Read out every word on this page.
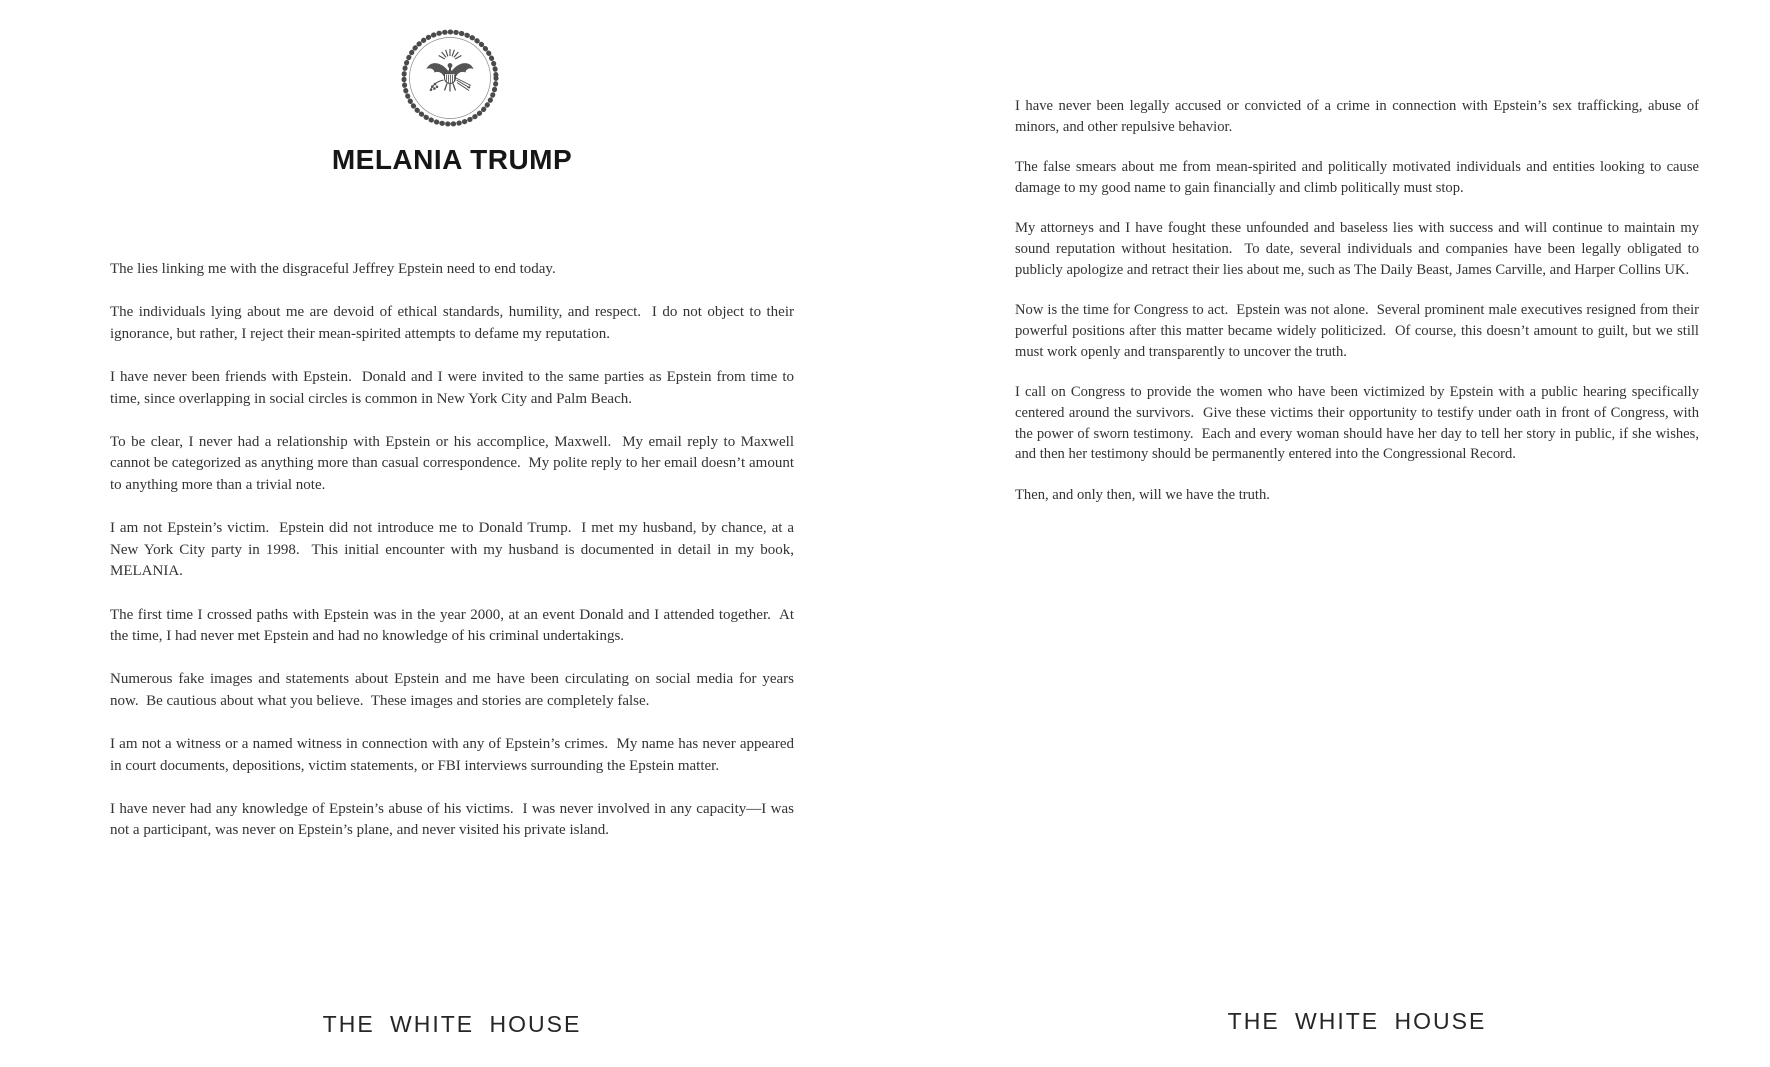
MELANIA TRUMP

The lies linking me with the disgraceful Jeffrey Epstein need to end today.

The individuals lying about me are devoid of ethical standards, humility, and respect.  I do not object to their ignorance, but rather, I reject their mean-spirited attempts to defame my reputation.

I have never been friends with Epstein.  Donald and I were invited to the same parties as Epstein from time to time, since overlapping in social circles is common in New York City and Palm Beach.

To be clear, I never had a relationship with Epstein or his accomplice, Maxwell.  My email reply to Maxwell cannot be categorized as anything more than casual correspondence.  My polite reply to her email doesn’t amount to anything more than a trivial note.

I am not Epstein’s victim.  Epstein did not introduce me to Donald Trump.  I met my husband, by chance, at a New York City party in 1998.  This initial encounter with my husband is documented in detail in my book, MELANIA.

The first time I crossed paths with Epstein was in the year 2000, at an event Donald and I attended together.  At the time, I had never met Epstein and had no knowledge of his criminal undertakings.

Numerous fake images and statements about Epstein and me have been circulating on social media for years now.  Be cautious about what you believe.  These images and stories are completely false.

I am not a witness or a named witness in connection with any of Epstein’s crimes.  My name has never appeared in court documents, depositions, victim statements, or FBI interviews surrounding the Epstein matter.

I have never had any knowledge of Epstein’s abuse of his victims.  I was never involved in any capacity—I was not a participant, was never on Epstein’s plane, and never visited his private island.

THE WHITE HOUSE

I have never been legally accused or convicted of a crime in connection with Epstein’s sex trafficking, abuse of minors, and other repulsive behavior.

The false smears about me from mean-spirited and politically motivated individuals and entities looking to cause damage to my good name to gain financially and climb politically must stop.

My attorneys and I have fought these unfounded and baseless lies with success and will continue to maintain my sound reputation without hesitation.  To date, several individuals and companies have been legally obligated to publicly apologize and retract their lies about me, such as The Daily Beast, James Carville, and Harper Collins UK.

Now is the time for Congress to act.  Epstein was not alone.  Several prominent male executives resigned from their powerful positions after this matter became widely politicized.  Of course, this doesn’t amount to guilt, but we still must work openly and transparently to uncover the truth.

I call on Congress to provide the women who have been victimized by Epstein with a public hearing specifically centered around the survivors.  Give these victims their opportunity to testify under oath in front of Congress, with the power of sworn testimony.  Each and every woman should have her day to tell her story in public, if she wishes, and then her testimony should be permanently entered into the Congressional Record.

Then, and only then, will we have the truth.

THE WHITE HOUSE
